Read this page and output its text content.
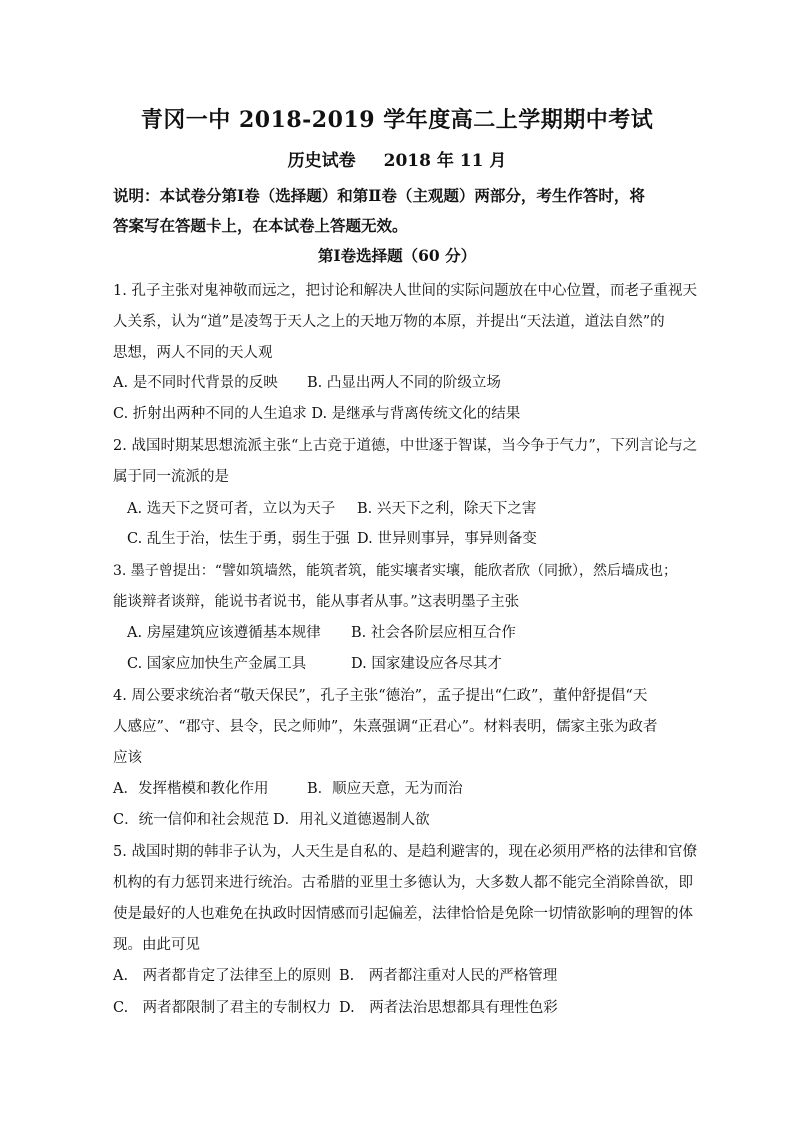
青冈一中 2018-2019 学年度高二上学期期中考试
历史试卷 2018 年 11 月
说明：本试卷分第Ⅰ卷（选择题）和第Ⅱ卷（主观题）两部分，考生作答时，将
答案写在答题卡上，在本试卷上答题无效。
第Ⅰ卷选择题（60 分）
1. 孔子主张对鬼神敬而远之，把讨论和解决人世间的实际问题放在中心位置，而老子重视天
人关系，认为“道”是凌驾于天人之上的天地万物的本原，并提出“天法道，道法自然”的
思想，两人不同的天人观
A. 是不同时代背景的反映 B. 凸显出两人不同的阶级立场
C. 折射出两种不同的人生追求 D. 是继承与背离传统文化的结果
2. 战国时期某思想流派主张“上古竞于道德，中世逐于智谋，当今争于气力”，下列言论与之
属于同一流派的是
A. 选天下之贤可者，立以为天子 B. 兴天下之利，除天下之害
C. 乱生于治，怯生于勇，弱生于强 D. 世异则事异，事异则备变
3. 墨子曾提出：“譬如筑墙然，能筑者筑，能实壤者实壤，能欣者欣（同掀），然后墙成也；
能谈辩者谈辩，能说书者说书，能从事者从事。”这表明墨子主张
A. 房屋建筑应该遵循基本规律 B. 社会各阶层应相互合作
C. 国家应加快生产金属工具	D. 国家建设应各尽其才
4. 周公要求统治者“敬天保民”，孔子主张“德治”，孟子提出“仁政”，董仲舒提倡“天
人感应”、“郡守、县令，民之师帅”，朱熹强调“正君心”。材料表明，儒家主张为政者
应该
A．发挥楷模和教化作用	B．顺应天意，无为而治
C．统一信仰和社会规范 D．用礼义道德遏制人欲
5. 战国时期的韩非子认为，人天生是自私的、是趋利避害的，现在必须用严格的法律和官僚
机构的有力惩罚来进行统治。古希腊的亚里士多德认为，大多数人都不能完全消除兽欲，即
使是最好的人也难免在执政时因情感而引起偏差，法律恰恰是免除一切情欲影响的理智的体
现。由此可见
A.　两者都肯定了法律至上的原则 B.　两者都注重对人民的严格管理
C.　两者都限制了君主的专制权力 D.　两者法治思想都具有理性色彩
